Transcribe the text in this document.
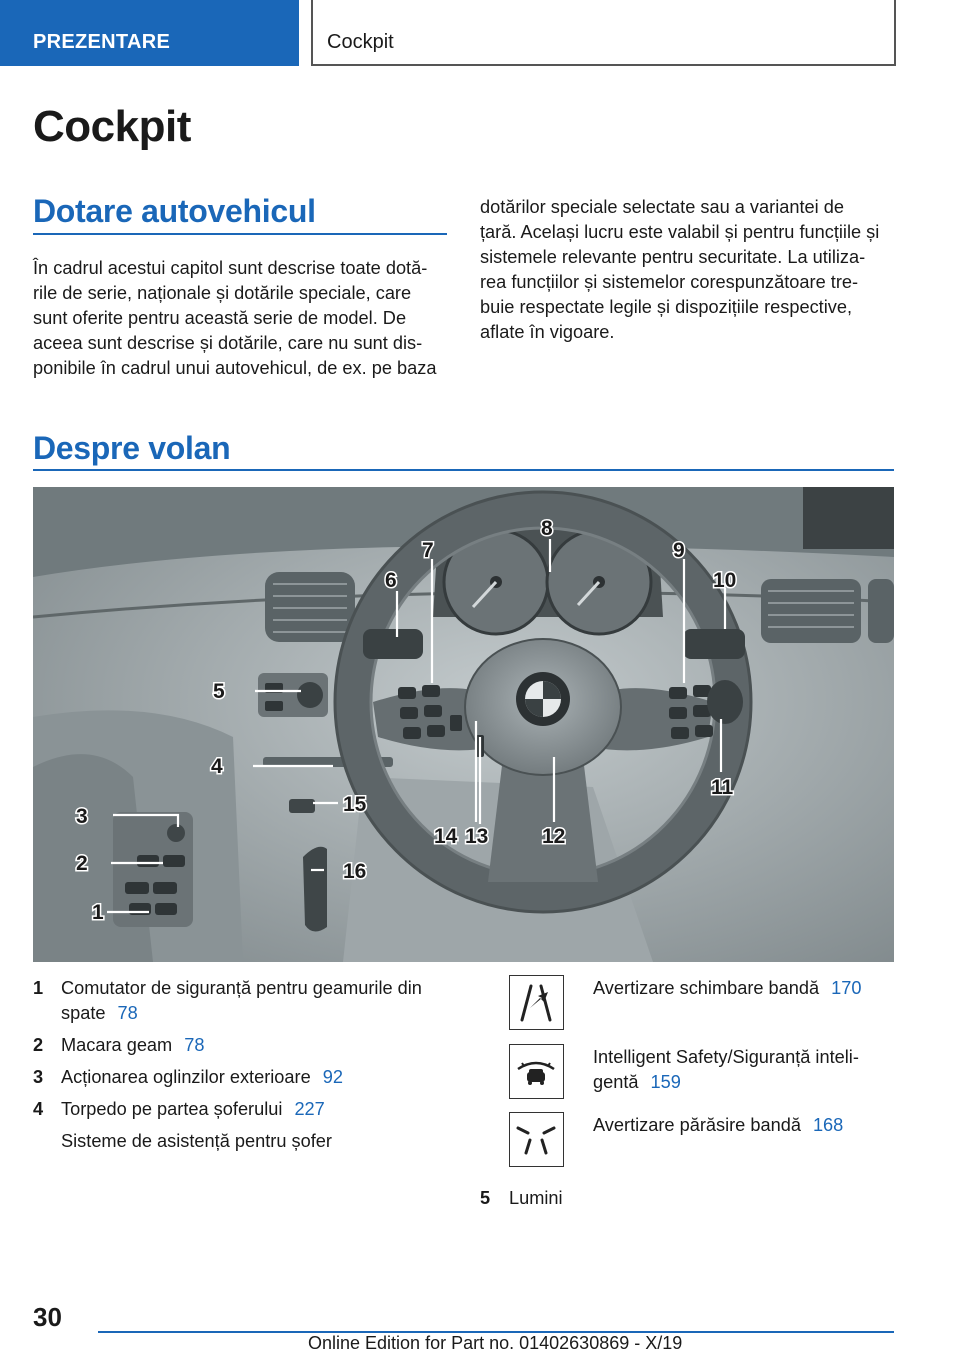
PREZENTARE	Cockpit
Cockpit
Dotare autovehicul
În cadrul acestui capitol sunt descrise toate dotă‐
rile de serie, naționale și dotările speciale, care
sunt oferite pentru această serie de model. De
aceea sunt descrise și dotările, care nu sunt dis‐
ponibile în cadrul unui autovehicul, de ex. pe baza
dotărilor speciale selectate sau a variantei de
țară. Același lucru este valabil și pentru funcțiile și
sistemele relevante pentru securitate. La utiliza‐
rea funcțiilor și sistemelor corespunzătoare tre‐
buie respectate legile și dispozițiile respective,
aflate în vigoare.
Despre volan
1
2
3
4
5
6
7
8
9
10
11
12
13
14
15
16
1 Comutator de siguranță pentru geamurile din
spate 78
2 Macara geam 78
3 Acționarea oglinzilor exterioare 92
4 Torpedo pe partea șoferului 227
Sisteme de asistență pentru șofer
Avertizare schimbare bandă 170
Intelligent Safety/Siguranță inteli‐
gentă 159
Avertizare părăsire bandă 168
5 Lumini
30
Online Edition for Part no. 01402630869 - X/19
